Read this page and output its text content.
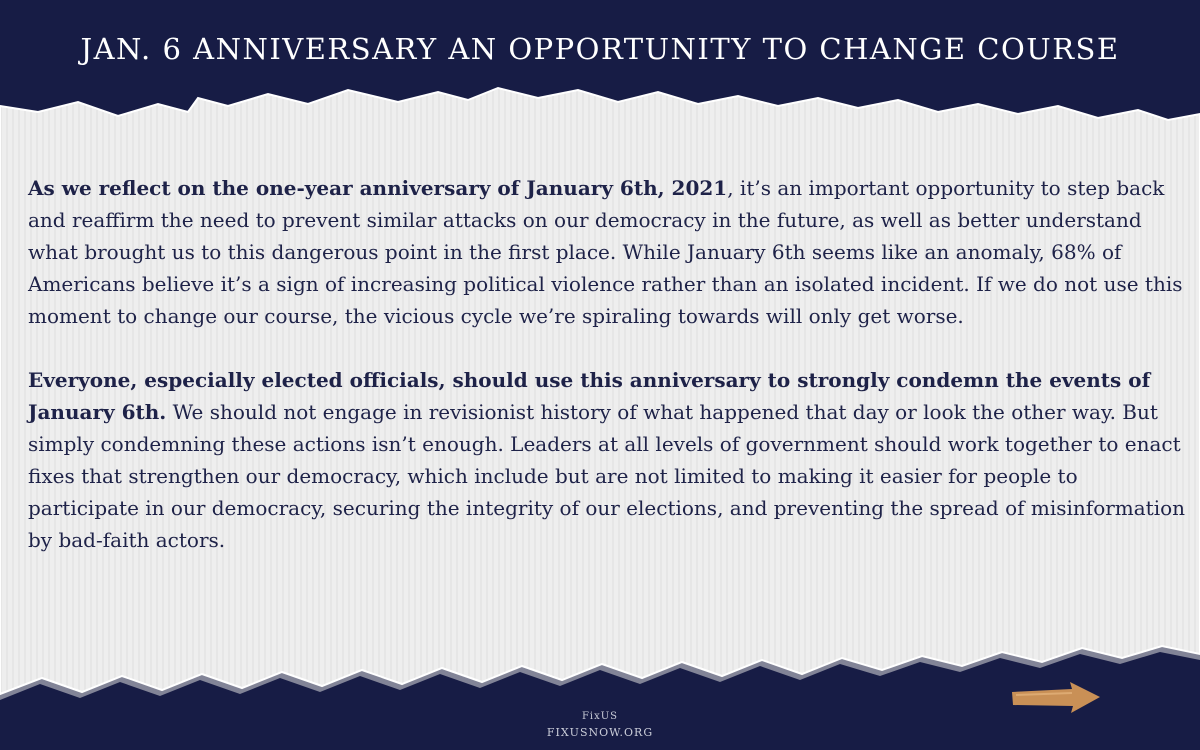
JAN. 6 ANNIVERSARY AN OPPORTUNITY TO CHANGE COURSE

As we reflect on the one-year anniversary of January 6th, 2021, it’s an important opportunity to step back and reaffirm the need to prevent similar attacks on our democracy in the future, as well as better understand what brought us to this dangerous point in the first place. While January 6th seems like an anomaly, 68% of Americans believe it’s a sign of increasing political violence rather than an isolated incident. If we do not use this moment to change our course, the vicious cycle we’re spiraling towards will only get worse.

Everyone, especially elected officials, should use this anniversary to strongly condemn the events of January 6th. We should not engage in revisionist history of what happened that day or look the other way. But simply condemning these actions isn’t enough. Leaders at all levels of government should work together to enact fixes that strengthen our democracy, which include but are not limited to making it easier for people to participate in our democracy, securing the integrity of our elections, and preventing the spread of misinformation by bad-faith actors.

FixUS
FIXUSNOW.ORG
